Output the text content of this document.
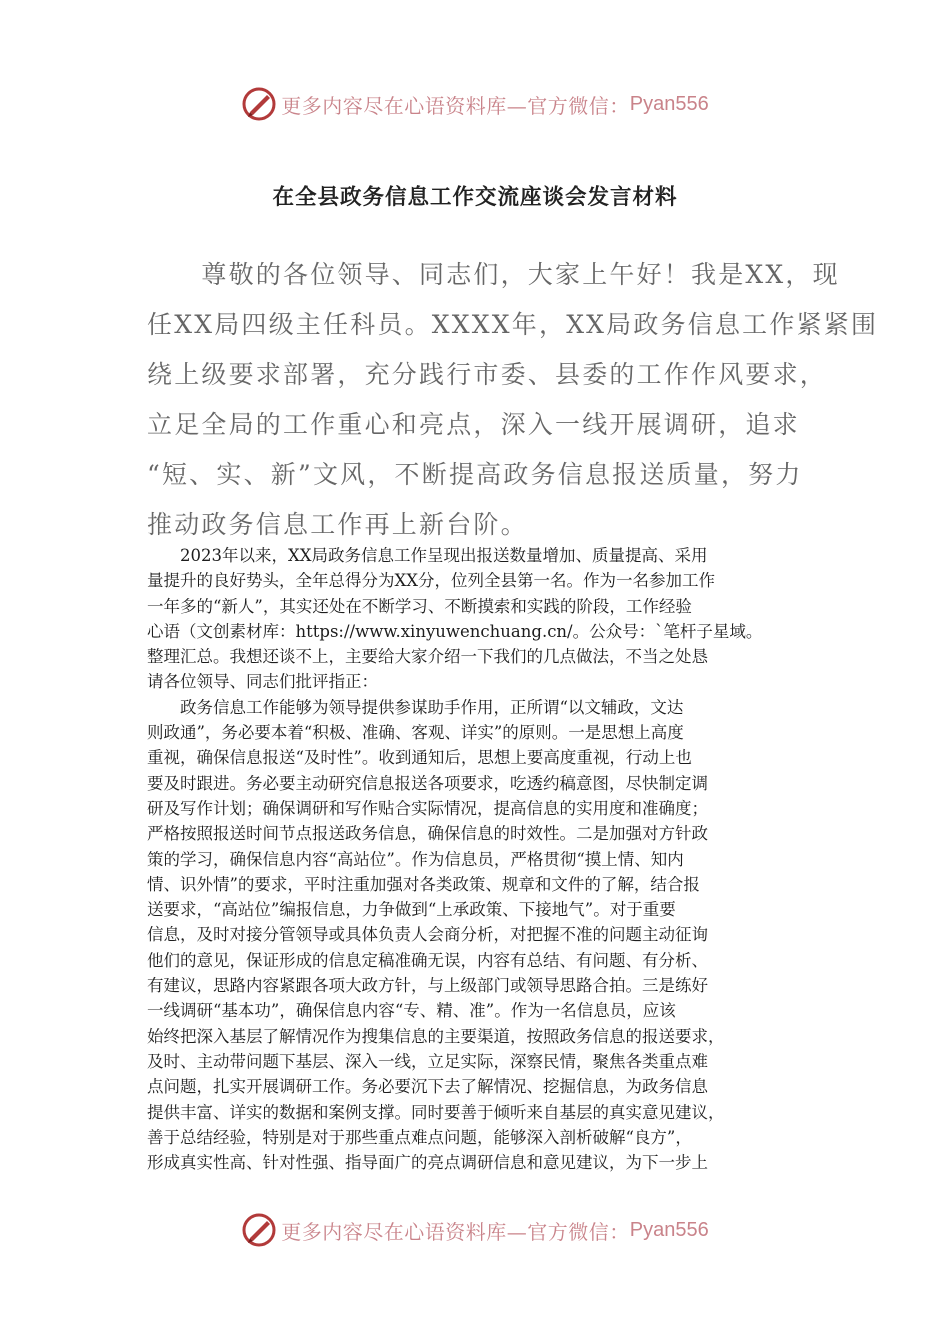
更多内容尽在心语资料库—官方微信： Pyan556
在全县政务信息工作交流座谈会发言材料
　　尊敬的各位领导、同志们，大家上午好！我是XX，现
任XX局四级主任科员。XXXX年，XX局政务信息工作紧紧围
绕上级要求部署，充分践行市委、县委的工作作风要求，
立足全局的工作重心和亮点，深入一线开展调研，追求
“短、实、新”文风，不断提高政务信息报送质量，努力
推动政务信息工作再上新台阶。
　　2023年以来，XX局政务信息工作呈现出报送数量增加、质量提高、采用
量提升的良好势头，全年总得分为XX分，位列全县第一名。作为一名参加工作
一年多的“新人”，其实还处在不断学习、不断摸索和实践的阶段，工作经验
心语（文创素材库：https://www.xinyuwenchuang.cn/。公众号：`笔杆子星域。
整理汇总。我想还谈不上，主要给大家介绍一下我们的几点做法，不当之处恳
请各位领导、同志们批评指正：
　　政务信息工作能够为领导提供参谋助手作用，正所谓“以文辅政，文达
则政通”，务必要本着“积极、准确、客观、详实”的原则。一是思想上高度
重视，确保信息报送“及时性”。收到通知后，思想上要高度重视，行动上也
要及时跟进。务必要主动研究信息报送各项要求，吃透约稿意图，尽快制定调
研及写作计划；确保调研和写作贴合实际情况，提高信息的实用度和准确度；
严格按照报送时间节点报送政务信息，确保信息的时效性。二是加强对方针政
策的学习，确保信息内容“高站位”。作为信息员，严格贯彻“摸上情、知内
情、识外情”的要求，平时注重加强对各类政策、规章和文件的了解，结合报
送要求，“高站位”编报信息，力争做到“上承政策、下接地气”。对于重要
信息，及时对接分管领导或具体负责人会商分析，对把握不准的问题主动征询
他们的意见，保证形成的信息定稿准确无误，内容有总结、有问题、有分析、
有建议，思路内容紧跟各项大政方针，与上级部门或领导思路合拍。三是练好
一线调研“基本功”，确保信息内容“专、精、准”。作为一名信息员，应该
始终把深入基层了解情况作为搜集信息的主要渠道，按照政务信息的报送要求，
及时、主动带问题下基层、深入一线，立足实际，深察民情，聚焦各类重点难
点问题，扎实开展调研工作。务必要沉下去了解情况、挖掘信息，为政务信息
提供丰富、详实的数据和案例支撑。同时要善于倾听来自基层的真实意见建议，
善于总结经验，特别是对于那些重点难点问题，能够深入剖析破解“良方”，
形成真实性高、针对性强、指导面广的亮点调研信息和意见建议，为下一步上
更多内容尽在心语资料库—官方微信： Pyan556
